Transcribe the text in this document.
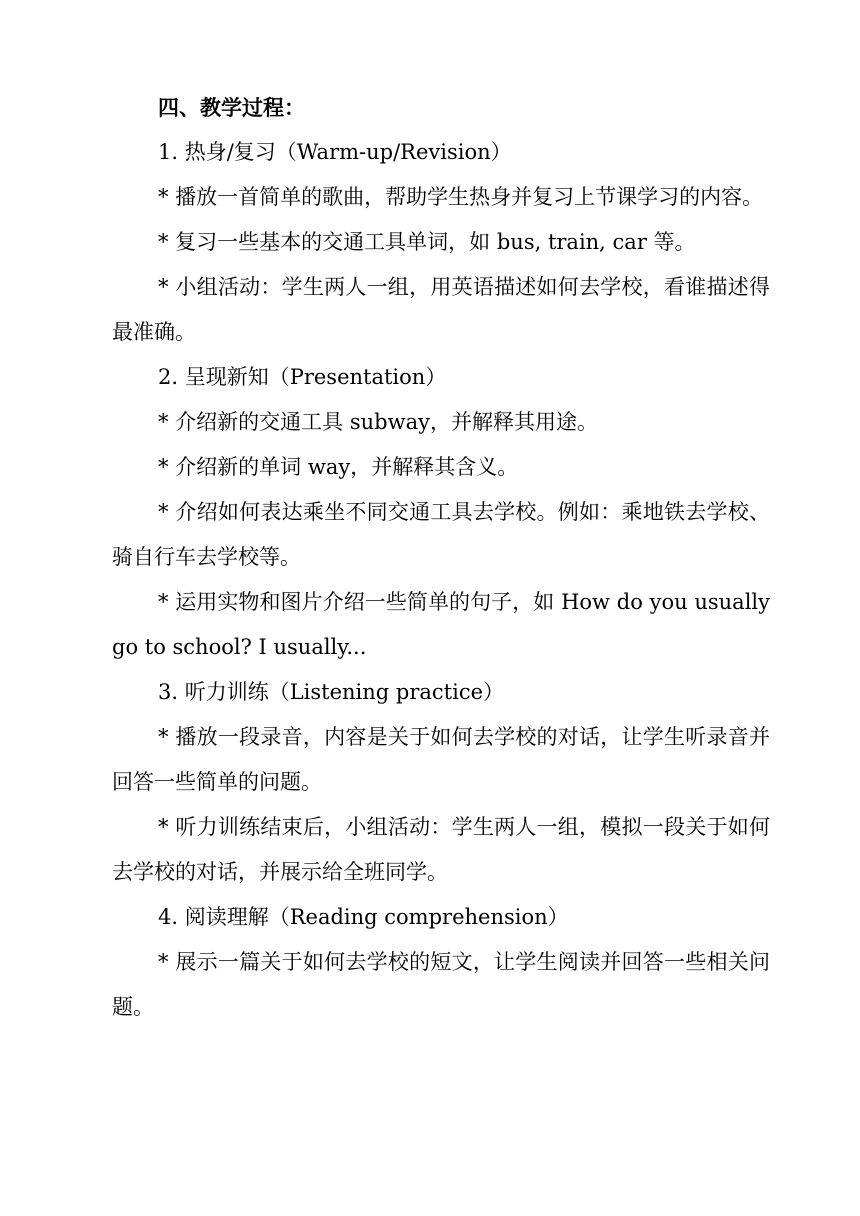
四、教学过程：

1. 热身/复习（Warm-up/Revision）

* 播放一首简单的歌曲，帮助学生热身并复习上节课学习的内容。

* 复习一些基本的交通工具单词，如 bus, train, car 等。

* 小组活动：学生两人一组，用英语描述如何去学校，看谁描述得最准确。

2. 呈现新知（Presentation）

* 介绍新的交通工具 subway，并解释其用途。

* 介绍新的单词 way，并解释其含义。

* 介绍如何表达乘坐不同交通工具去学校。例如：乘地铁去学校、骑自行车去学校等。

* 运用实物和图片介绍一些简单的句子，如 How do you usually go to school? I usually...

3. 听力训练（Listening practice）

* 播放一段录音，内容是关于如何去学校的对话，让学生听录音并回答一些简单的问题。

* 听力训练结束后，小组活动：学生两人一组，模拟一段关于如何去学校的对话，并展示给全班同学。

4. 阅读理解（Reading comprehension）

* 展示一篇关于如何去学校的短文，让学生阅读并回答一些相关问题。
